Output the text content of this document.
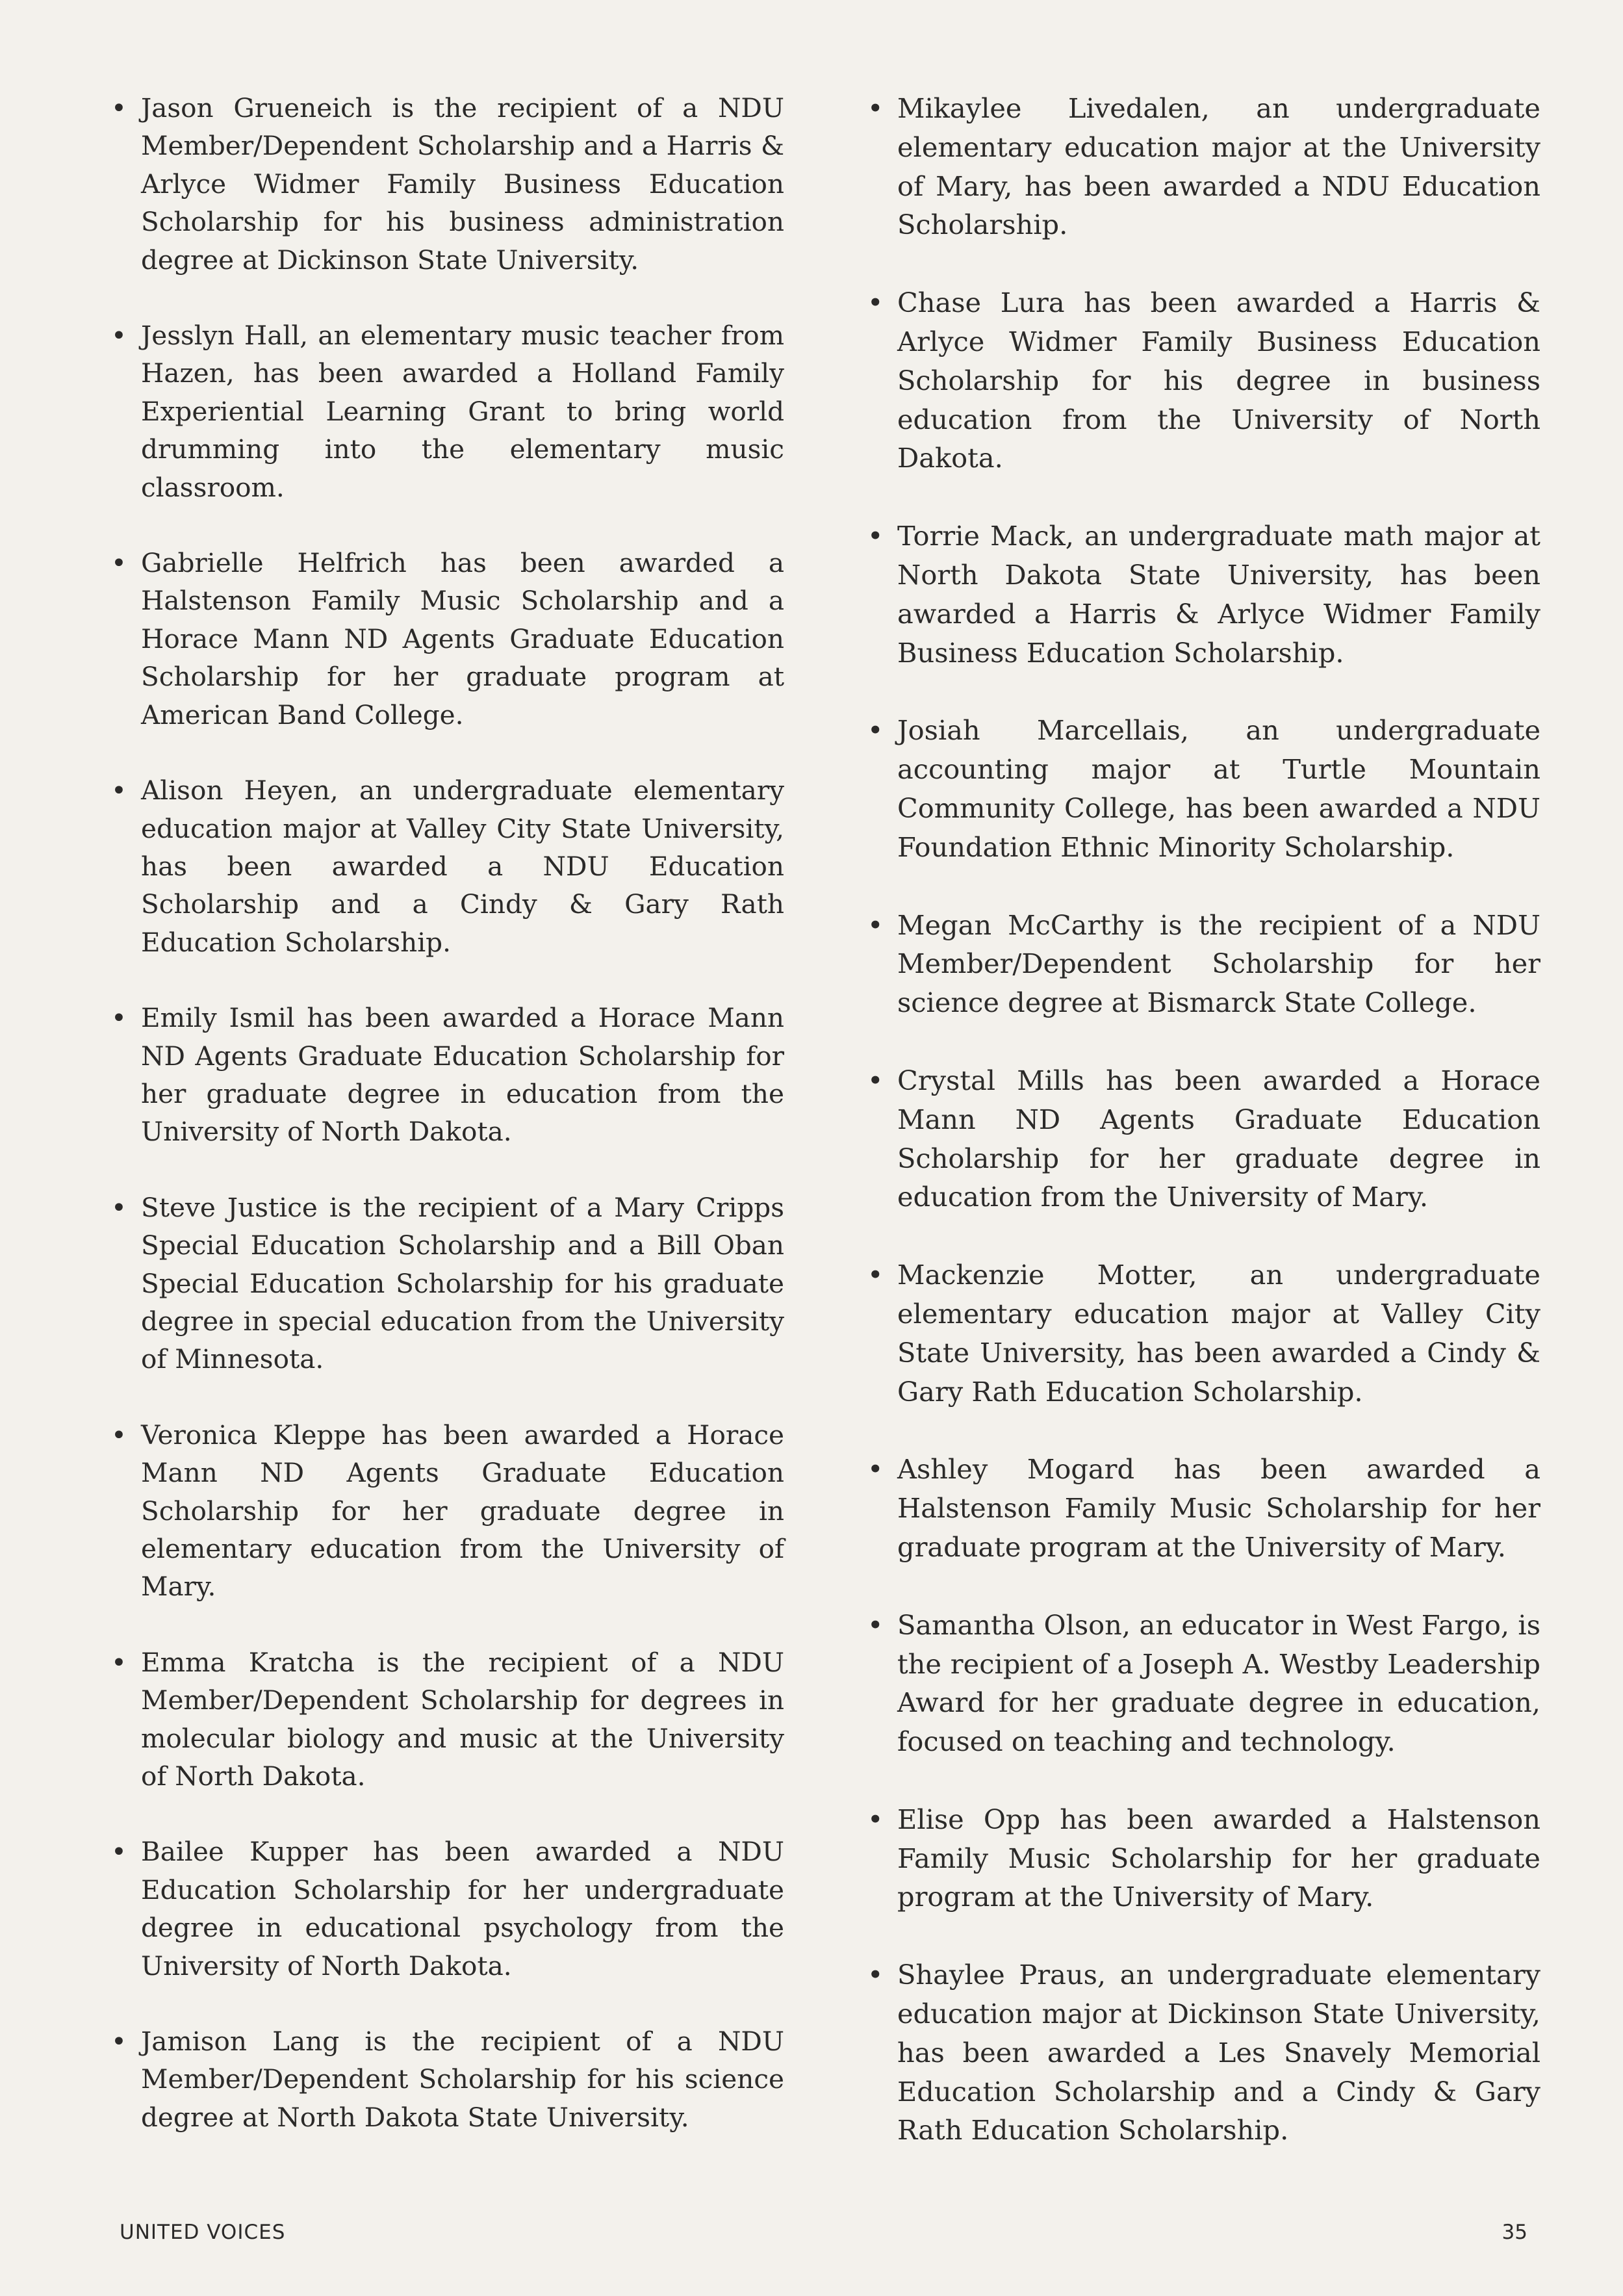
• Jason Grueneich is the recipient of a NDU Member/Dependent Scholarship and a Harris & Arlyce Widmer Family Business Education Scholarship for his business administration degree at Dickinson State University.
• Jesslyn Hall, an elementary music teacher from Hazen, has been awarded a Holland Family Experiential Learning Grant to bring world drumming into the elementary music classroom.
• Gabrielle Helfrich has been awarded a Halstenson Family Music Scholarship and a Horace Mann ND Agents Graduate Education Scholarship for her graduate program at American Band College.
• Alison Heyen, an undergraduate elementary education major at Valley City State University, has been awarded a NDU Education Scholarship and a Cindy & Gary Rath Education Scholarship.
• Emily Ismil has been awarded a Horace Mann ND Agents Graduate Education Scholarship for her graduate degree in education from the University of North Dakota.
• Steve Justice is the recipient of a Mary Cripps Special Education Scholarship and a Bill Oban Special Education Scholarship for his graduate degree in special education from the University of Minnesota.
• Veronica Kleppe has been awarded a Horace Mann ND Agents Graduate Education Scholarship for her graduate degree in elementary education from the University of Mary.
• Emma Kratcha is the recipient of a NDU Member/Dependent Scholarship for degrees in molecular biology and music at the University of North Dakota.
• Bailee Kupper has been awarded a NDU Education Scholarship for her undergraduate degree in educational psychology from the University of North Dakota.
• Jamison Lang is the recipient of a NDU Member/Dependent Scholarship for his science degree at North Dakota State University.
• Mikaylee Livedalen, an undergraduate elementary education major at the University of Mary, has been awarded a NDU Education Scholarship.
• Chase Lura has been awarded a Harris & Arlyce Widmer Family Business Education Scholarship for his degree in business education from the University of North Dakota.
• Torrie Mack, an undergraduate math major at North Dakota State University, has been awarded a Harris & Arlyce Widmer Family Business Education Scholarship.
• Josiah Marcellais, an undergraduate accounting major at Turtle Mountain Community College, has been awarded a NDU Foundation Ethnic Minority Scholarship.
• Megan McCarthy is the recipient of a NDU Member/Dependent Scholarship for her science degree at Bismarck State College.
• Crystal Mills has been awarded a Horace Mann ND Agents Graduate Education Scholarship for her graduate degree in education from the University of Mary.
• Mackenzie Motter, an undergraduate elementary education major at Valley City State University, has been awarded a Cindy & Gary Rath Education Scholarship.
• Ashley Mogard has been awarded a Halstenson Family Music Scholarship for her graduate program at the University of Mary.
• Samantha Olson, an educator in West Fargo, is the recipient of a Joseph A. Westby Leadership Award for her graduate degree in education, focused on teaching and technology.
• Elise Opp has been awarded a Halstenson Family Music Scholarship for her graduate program at the University of Mary.
• Shaylee Praus, an undergraduate elementary education major at Dickinson State University, has been awarded a Les Snavely Memorial Education Scholarship and a Cindy & Gary Rath Education Scholarship.
UNITED VOICES	35
